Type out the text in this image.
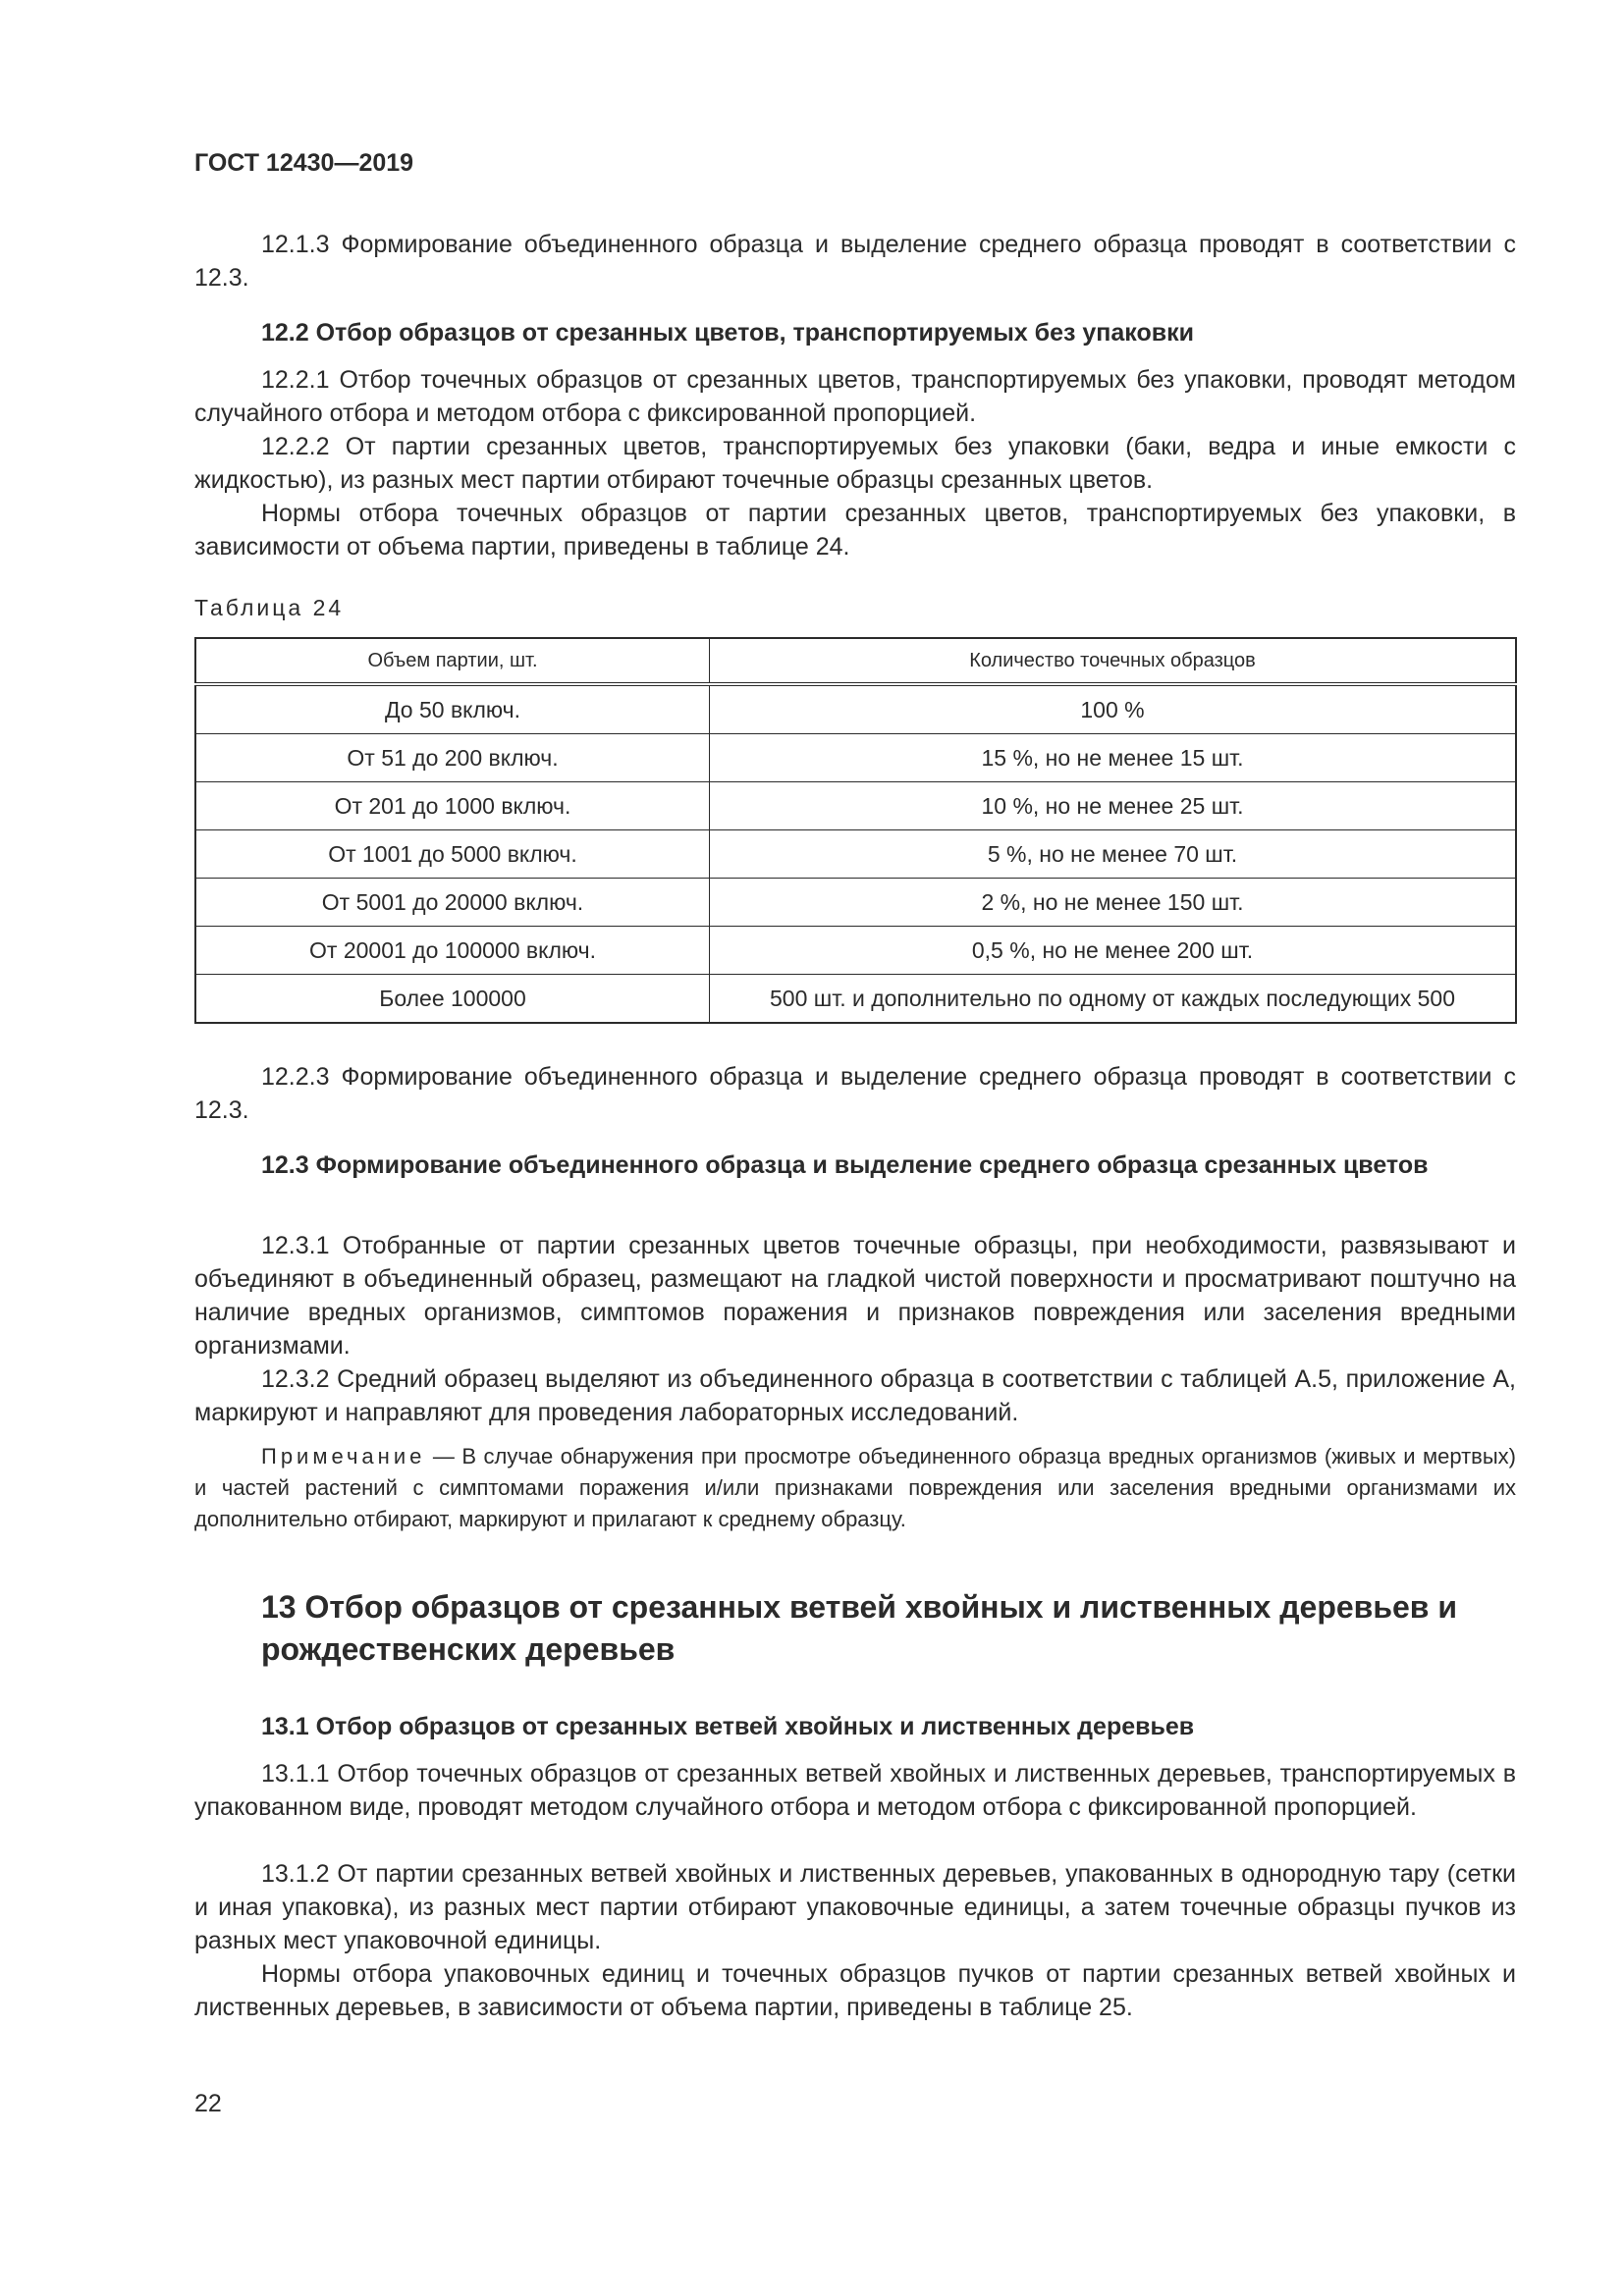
ГОСТ 12430—2019

12.1.3 Формирование объединенного образца и выделение среднего образца проводят в соответствии с 12.3.

12.2 Отбор образцов от срезанных цветов, транспортируемых без упаковки

12.2.1 Отбор точечных образцов от срезанных цветов, транспортируемых без упаковки, проводят методом случайного отбора и методом отбора с фиксированной пропорцией.

12.2.2 От партии срезанных цветов, транспортируемых без упаковки (баки, ведра и иные емкости с жидкостью), из разных мест партии отбирают точечные образцы срезанных цветов.

Нормы отбора точечных образцов от партии срезанных цветов, транспортируемых без упаковки, в зависимости от объема партии, приведены в таблице 24.

Таблица 24

Объем партии, шт.	Количество точечных образцов
До 50 включ.	100 %
От 51 до 200 включ.	15 %, но не менее 15 шт.
От 201 до 1000 включ.	10 %, но не менее 25 шт.
От 1001 до 5000 включ.	5 %, но не менее 70 шт.
От 5001 до 20000 включ.	2 %, но не менее 150 шт.
От 20001 до 100000 включ.	0,5 %, но не менее 200 шт.
Более 100000	500 шт. и дополнительно по одному от каждых последующих 500

12.2.3 Формирование объединенного образца и выделение среднего образца проводят в соответствии с 12.3.

12.3 Формирование объединенного образца и выделение среднего образца срезанных цветов

12.3.1 Отобранные от партии срезанных цветов точечные образцы, при необходимости, развязывают и объединяют в объединенный образец, размещают на гладкой чистой поверхности и просматривают поштучно на наличие вредных организмов, симптомов поражения и признаков повреждения или заселения вредными организмами.

12.3.2 Средний образец выделяют из объединенного образца в соответствии с таблицей А.5, приложение А, маркируют и направляют для проведения лабораторных исследований.

Примечание — В случае обнаружения при просмотре объединенного образца вредных организмов (живых и мертвых) и частей растений с симптомами поражения и/или признаками повреждения или заселения вредными организмами их дополнительно отбирают, маркируют и прилагают к среднему образцу.

13 Отбор образцов от срезанных ветвей хвойных и лиственных деревьев и рождественских деревьев

13.1 Отбор образцов от срезанных ветвей хвойных и лиственных деревьев

13.1.1 Отбор точечных образцов от срезанных ветвей хвойных и лиственных деревьев, транспортируемых в упакованном виде, проводят методом случайного отбора и методом отбора с фиксированной пропорцией.

13.1.2 От партии срезанных ветвей хвойных и лиственных деревьев, упакованных в однородную тару (сетки и иная упаковка), из разных мест партии отбирают упаковочные единицы, а затем точечные образцы пучков из разных мест упаковочной единицы.

Нормы отбора упаковочных единиц и точечных образцов пучков от партии срезанных ветвей хвойных и лиственных деревьев, в зависимости от объема партии, приведены в таблице 25.

22
